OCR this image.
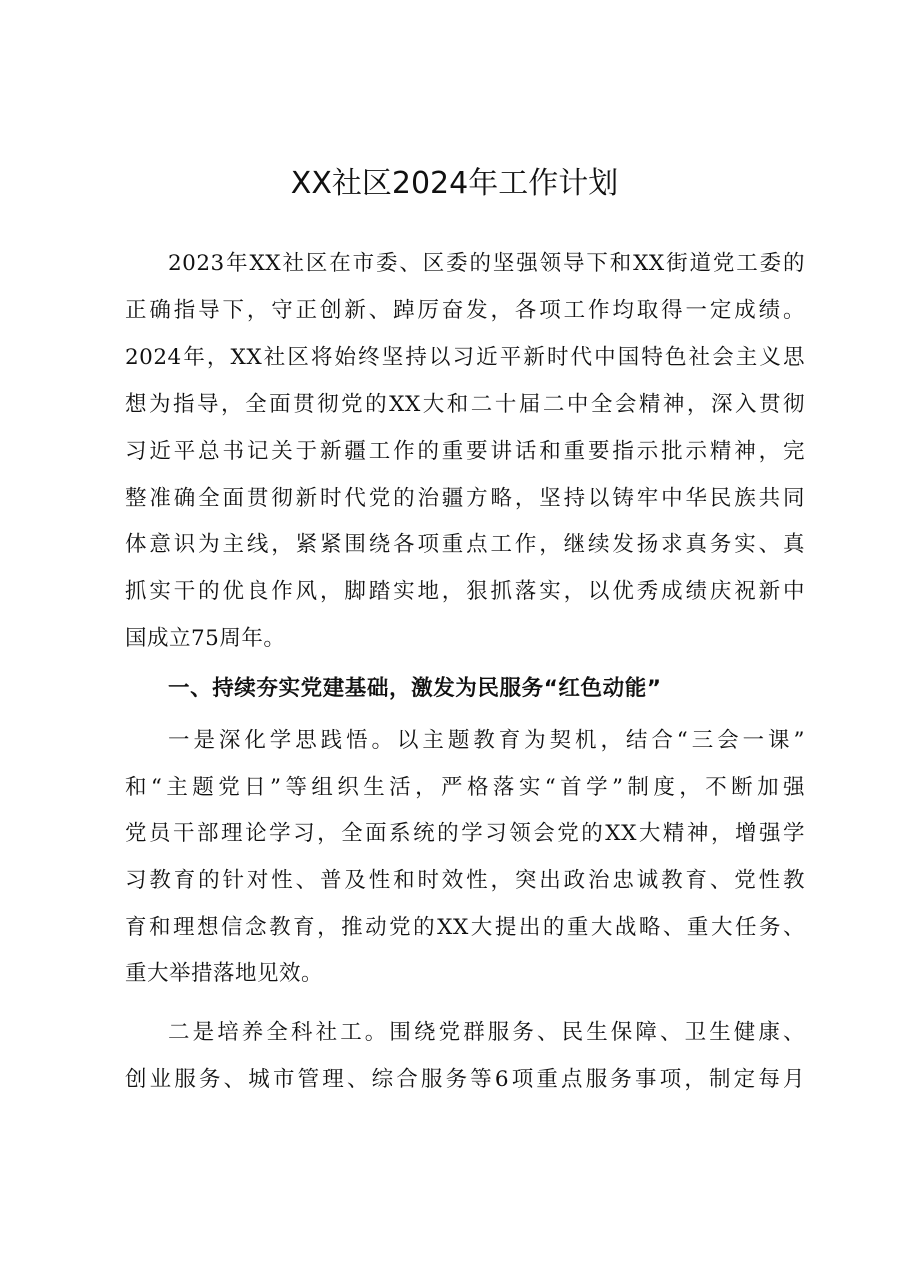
XX社区2024年工作计划
2023年XX社区在市委、区委的坚强领导下和XX街道党工委的
正确指导下，守正创新、踔厉奋发，各项工作均取得一定成绩。
2024年，XX社区将始终坚持以习近平新时代中国特色社会主义思
想为指导，全面贯彻党的XX大和二十届二中全会精神，深入贯彻
习近平总书记关于新疆工作的重要讲话和重要指示批示精神，完
整准确全面贯彻新时代党的治疆方略，坚持以铸牢中华民族共同
体意识为主线，紧紧围绕各项重点工作，继续发扬求真务实、真
抓实干的优良作风，脚踏实地，狠抓落实，以优秀成绩庆祝新中
国成立75周年。
一、持续夯实党建基础，激发为民服务“红色动能”
一是深化学思践悟。以主题教育为契机，结合“三会一课”
和“主题党日”等组织生活，严格落实“首学”制度，不断加强
党员干部理论学习，全面系统的学习领会党的XX大精神，增强学
习教育的针对性、普及性和时效性，突出政治忠诚教育、党性教
育和理想信念教育，推动党的XX大提出的重大战略、重大任务、
重大举措落地见效。
二是培养全科社工。围绕党群服务、民生保障、卫生健康、
创业服务、城市管理、综合服务等6项重点服务事项，制定每月
